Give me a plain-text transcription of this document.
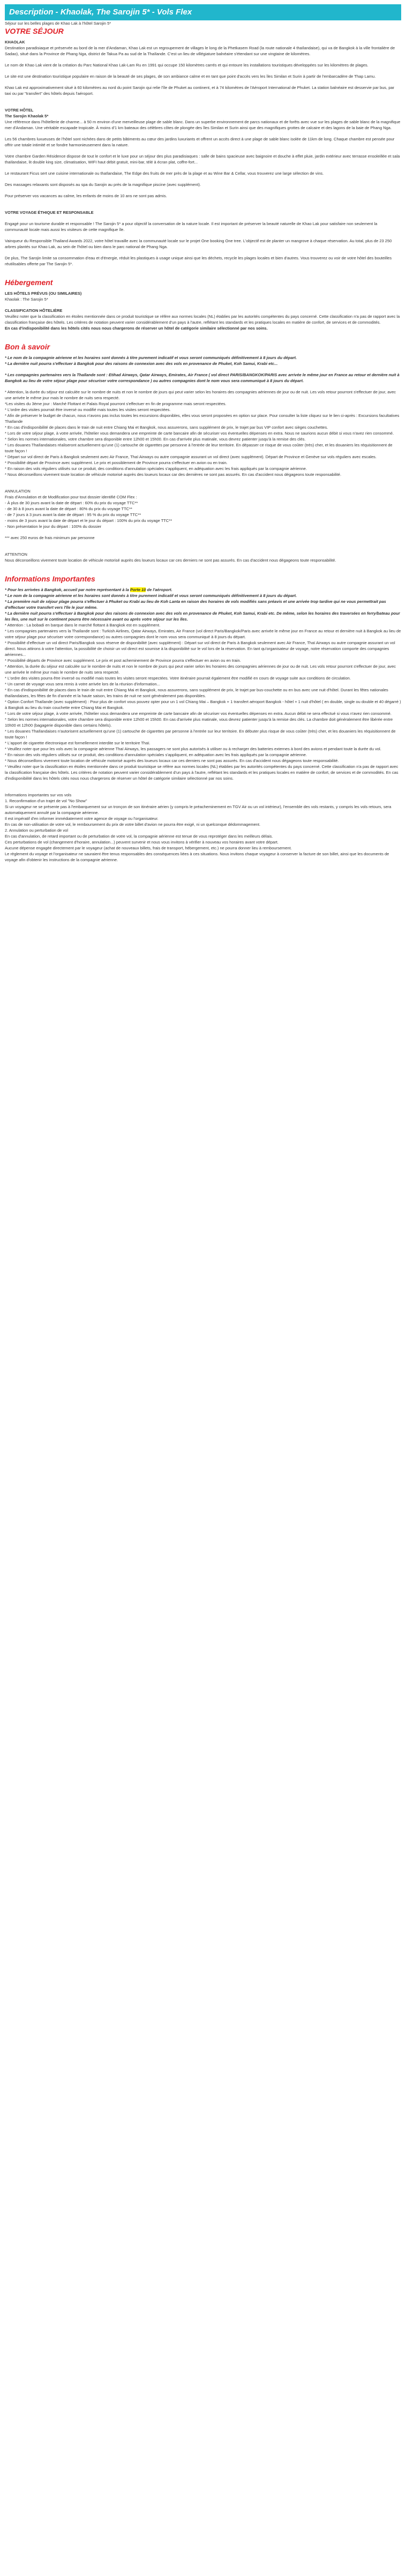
Description - Khaolak, The Sarojin 5* - Vols Flex
Séjour sur les belles plages de Khao Lak à l'hôtel Sarojin 5*
VOTRE SÉJOUR
KHAOLAK
Destination paradisiaque et préservée au bord de la mer d'Andaman, Khao Lak est un regroupement de villages le long de la Phetkasem Road (la route nationale 4 thaïlandaise), qui va de Bangkok à la ville frontalière de Sadao), situé dans la Province de Phang Nga, district de Takua Pa au sud de la Thaïlande. C'est un lieu de villégiature balnéaire s'étendant sur une vingtaine de kilomètres.
Le nom de Khao Lak vient de la création du Parc National Khao Lak-Lam Ru en 1991 qui occupe 150 kilomètres carrés et qui entoure les installations touristiques développées sur les kilomètres de plages.
Le site est une destination touristique populaire en raison de la beauté de ses plages, de son ambiance calme et en tant que point d'accès vers les îles Similan et Surin à partir de l'embarcadère de Thap Lamu.
Khao Lak est approximativement situé à 60 kilomètres au nord du point Sarojin qui relie l'île de Phuket au continent, et à 74 kilomètres de l'Aéroport International de Phuket. La station balnéaire est desservie par bus, par taxi ou par "transfert" des hôtels depuis l'aéroport.
VOTRE HÔTEL
The Sarojin Khaolak 5*
Une référence dans l'hôtellerie de charme... à 50 m environ d'une merveilleuse plage de sable blanc. Dans un superbe environnement de parcs nationaux et de forêts avec vue sur les plages de sable blanc de la magnifique mer d'Andaman. Une véritable escapade tropicale. À moins d'1 km bateaux des célèbres côtes de plongée des îles Similan et Surin ainsi que des magnifiques grottes de calcaire et des lagons de la baie de Phang Nga.
Les 56 chambres luxueuses de l'hôtel sont nichées dans de petits bâtiments au cœur des jardins luxuriants et offrent un accès direct à une plage de sable blanc isolée de 11km de long. Chaque chambre est pensée pour offrir une totale intimité et se fondre harmonieusement dans la nature.
Votre chambre Garden Résidence dispose de tout le confort et le luxe pour un séjour des plus paradisiaques : salle de bains spacieuse avec baignoire et douche à effet pluie, jardin extérieur avec terrasse ensoleillée et sala thaïlandaise, lit double king size, climatisation, WIFI haut débit gratuit, mini-bar, télé à écran plat, coffre-fort...
Le restaurant Ficus sert une cuisine internationale ou thaïlandaise, The Edge des fruits de mer près de la plage et au Wine Bar & Cellar, vous trouverez une large sélection de vins.
Des massages relaxants sont disposés au spa du Sarojin au près de la magnifique piscine (avec supplément).
Pour préserver vos vacances au calme, les enfants de moins de 10 ans ne sont pas admis.
VOTRE VOYAGE ÉTHIQUE ET RESPONSABLE
Engagé pour un tourisme durable et responsable ! The Sarojin 5* a pour objectif la conversation de la nature locale. Il est important de préserver la beauté naturelle de Khao Lak pour satisfaire non seulement la communauté locale mais aussi les visiteurs de cette magnifique île.
Vainqueur du Responsible Thailand Awards 2022, votre hôtel travaille avec la communauté locale sur le projet One booking One tree. L'objectif est de planter un mangrove à chaque réservation. Au total, plus de 23 250 arbres plantés sur Khao Lak, au sein de l'hôtel ou bien dans le parc national de Phang Nga.
De plus, The Sarojin limite sa consommation d'eau et d'énergie, réduit les plastiques à usage unique ainsi que les déchets, recycle les plages locales et bien d'autres. Vous trouverez ou voir de votre hôtel des bouteilles réutilisables offerte par The Sarojin 5*.
Hébergement
LES HÔTELS PRÉVUS (OU SIMILAIRES)
Khaolak : The Sarojin 5*
CLASSIFICATION HÔTELIÈRE
Veuillez noter que la classification en étoiles mentionnée dans ce produit touristique se réfère aux normes locales (NL) établies par les autorités compétentes du pays concerné. Cette classification n'a pas de rapport avec la classification française des hôtels. Les critères de notation peuvent varier considérablement d'un pays à l'autre, reflétant les standards et les pratiques locales en matière de confort, de services et de commodités.
En cas d'indisponibilité dans les hôtels cités nous nous chargerons de réserver un hôtel de catégorie similaire sélectionné par nos soins.
Bon à savoir
* Le nom de la compagnie aérienne et les horaires sont donnés à titre purement indicatif et vous seront communiqués définitivement à 8 jours du départ.
* La dernière nuit pourra s'effectuer à Bangkok pour des raisons de connexion avec des vols en provenance de Phuket, Koh Samui, Krabi etc...
* Les compagnies partenaires vers la Thaïlande sont : Etihad Airways, Qatar Airways, Emirates, Air France ( vol direct PARIS/BANGKOK/PARIS avec arrivée le même jour en France au retour et dernière nuit à Bangkok au lieu de votre séjour plage pour sécuriser votre correspondance ) ou autres compagnies dont le nom vous sera communiqué à 8 jours du départ.
* Attention, la durée du séjour est calculée sur le nombre de nuits et non le nombre de jours qui peut varier selon les horaires des compagnies aériennes de jour ou de nuit. Les vols retour pourront s'effectuer de jour, avec une arrivée le même jour mais le nombre de nuits sera respecté.
*Les visites du 3ème jour : Marché Flottant et Palais Royal pourront s'effectuer en fin de programme mais seront respectées.
* L'ordre des visites pourrait être inversé ou modifié mais toutes les visites seront respectées.
* Afin de préserver le budget de chacun, nous n'avons pas inclus toutes les excursions disponibles, elles vous seront proposées en option sur place. Pour consulter la liste cliquez sur le lien ci-après : Excursions facultatives Thaïlande
* En cas d'indisponibilité de places dans le train de nuit entre Chiang Mai et Bangkok, nous assurerons, sans supplément de prix, le trajet par bus VIP confort avec sièges couchettes.
* Lors de votre séjour plage, à votre arrivée, l'hôtelier vous demandera une empreinte de carte bancaire afin de sécuriser vos éventuelles dépenses en extra. Nous ne saurions aucun débit si vous n'avez rien consommé.
* Selon les normes internationales, votre chambre sera disponible entre 12h00 et 15h00. En cas d'arrivée plus matinale, vous devrez patienter jusqu'à la remise des clés.
* Les douanes Thaïlandaises réaliseront actuellement qu'une (1) cartouche de cigarettes par personne à l'entrée de leur territoire. En dépasser ce risque de vous coûter (très) cher, et les douaniers les réquisitionnent de toute façon !
* Départ sur vol direct de Paris à Bangkok seulement avec Air France, Thaï Airways ou autre compagnie assurant un vol direct (avec supplément). Départ de Province et Genève sur vols réguliers avec escales.
* Possibilité départ de Province avec supplément. Le prix et possiblement de Province pourra s'effectuer en avion ou en train.
* En raison des vols réguliers utilisés sur ce produit, des conditions d'annulation spéciales s'appliquent, en adéquation avec les frais appliqués par la compagnie aérienne.
* Nous déconseillons vivement toute location de véhicule motorisé auprès des loueurs locaux car des dernières ne sont pas assurés. En cas d'accident nous dégageons toute responsabilité.
ANNULATION
Frais d'Annulation et de Modification pour tout dossier identifié COM Flex :
- À plus de 30 jours avant la date de départ : 60% du prix du voyage TTC**
- de 30 à 8 jours avant la date de départ : 80% du prix du voyage TTC**
- de 7 jours à 3 jours avant la date de départ : 95 % du prix du voyage TTC**
- moins de 3 jours avant la date de départ et le jour du départ : 100% du prix du voyage TTC**
- Non présentation le jour du départ : 100% du dossier
*** avec 250 euros de frais minimum par personne
ATTENTION
Nous déconseillons vivement toute location de véhicule motorisé auprès des loueurs locaux car ces derniers ne sont pas assurés. En cas d'accident nous dégageons toute responsabilité.
Informations Importantes
* Pour les arrivées à Bangkok, accueil par notre représentant à la Porte 10 de l'aéroport.
* Le nom de la compagnie aérienne et les horaires sont donnés à titre purement indicatif et vous seront communiqués définitivement à 8 jours du départ.
* La première nuit de séjour plage pourra s'effectuer à Phuket ou Krabi au lieu de Koh Lanta en raison des horaires de vols modifiés sans préavis et une arrivée trop tardive qui ne vous permettrait pas d'effectuer votre transfert vers l'île le jour même.
* La dernière nuit pourra s'effectuer à Bangkok pour des raisons de connexion avec des vols en provenance de Phuket, Koh Samui, Krabi etc. De même, selon les horaires des traversées en ferry/bateau pour les îles, une nuit sur le continent pourra être nécessaire avant ou après votre séjour sur les îles.
* Attention : La bobadi en barque dans le marché flottant à Bangkok est en supplément.
* Les compagnies partenaires vers la Thaïlande sont : Turkish Airlines, Qatar Airways, Emirates, Air France (vol direct Paris/Bangkok/Paris avec arrivée le même jour en France au retour et dernière nuit à Bangkok au lieu de votre séjour plage pour sécuriser votre correspondance) ou autres compagnies dont le nom vous sera communiqué à 8 jours du départ.
* Possibilité d'effectuer un vol direct Paris/Bangkok sous réserve de disponibilité (avec supplément) : Départ sur vol direct de Paris à Bangkok seulement avec Air France, Thaï Airways ou autre compagnie assurant un vol direct. Nous attirons à votre l'attention, la possibilité de choisir un vol direct est soumise à la disponibilité sur le vol lors de la réservation. En tant qu'organisateur de voyage, notre réservation comporte des compagnies aériennes...
* Possibilité départs de Province avec supplément. Le prix et post acheminement de Province pourra s'effectuer en avion ou en train.
* Attention, la durée du séjour est calculée sur le nombre de nuits et non le nombre de jours qui peut varier selon les horaires des compagnies aériennes de jour ou de nuit. Les vols retour pourront s'effectuer de jour, avec une arrivée le même jour mais le nombre de nuits sera respecté.
* L'ordre des visites pourra être inversé ou modifié mais toutes les visites seront respectées. Votre itinéraire pourrait également être modifié en cours de voyage suite aux conditions de circulation.
* Un carnet de voyage vous sera remis à votre arrivée lors de la réunion d'information...
* En cas d'indisponibilité de places dans le train de nuit entre Chiang Mai et Bangkok, nous assurerons, sans supplément de prix, le trajet par bus-couchette ou en bus avec une nuit d'hôtel. Durant les fêtes nationales thaïlandaises, les fêtes de fin d'année et la haute saison, les trains de nuit ne sont généralement pas disponibles.
* Option Confort Thaïlande (avec supplément) : Pour plus de confort vous pouvez opter pour un 1 vol Chiang Mai – Bangkok + 1 transfert aéroport Bangkok - hôtel + 1 nuit d'hôtel ( en double, single ou double et 40 dégarré ) à Bangkok au lieu du train couchette entre Chiang Mai et Bangkok.
* Lors de votre séjour plage, à votre arrivée, l'hôtelier vous demandera une empreinte de carte bancaire afin de sécuriser vos éventuelles dépenses en extra. Aucun débit ne sera effectué si vous n'avez rien consommé.
* Selon les normes internationales, votre chambre sera disponible entre 12h00 et 15h00. En cas d'arrivée plus matinale, vous devrez patienter jusqu'à la remise des clés. La chambre doit généralement être libérée entre 10h00 et 12h00 (bagagerie disponible dans certains hôtels).
* Les douanes Thaïlandaises n'autorisent actuellement qu'une (1) cartouche de cigarettes par personne à l'entrée sur leur territoire. En débuter plus risque de vous coûter (très) cher, et les douaniers les réquisitionnent de toute façon !
* L'apport de cigarette électronique est formellement interdite sur le territoire Thaï.
* Veuillez noter que pour les vols avec la compagnie aérienne Thaï Airways, les passagers ne sont plus autorisés à utiliser ou à recharger des batteries externes à bord des avions et pendant toute la durée du vol.
* En raison des vols réguliers utilisés sur ce produit, des conditions d'annulation spéciales s'appliquent, en adéquation avec les frais appliqués par la compagnie aérienne.
* Nous déconseillons vivement toute location de véhicule motorisé auprès des loueurs locaux car ces derniers ne sont pas assurés. En cas d'accident nous dégageons toute responsabilité.
* Veuillez noter que la classification en étoiles mentionnée dans ce produit touristique se réfère aux normes locales (NL) établies par les autorités compétentes du pays concerné. Cette classification n'a pas de rapport avec la classification française des hôtels. Les critères de notation peuvent varier considérablement d'un pays à l'autre, reflétant les standards et les pratiques locales en matière de confort, de services et de commodités. En cas d'indisponibilité dans les hôtels cités nous nous chargerons de réserver un hôtel de catégorie similaire sélectionné par nos soins.
Informations importantes sur vos vols
1. Reconfirmation d'un trajet de vol "No Show"
Si un voyageur ne se présente pas à l'embarquement sur un tronçon de son itinéraire aérien (y compris le préacheminement en TGV Air ou un vol intérieur), l'ensemble des vols restants, y compris les vols retours, sera automatiquement annulé par la compagnie aérienne.
Il est impératif d'en informer immédiatement votre agence de voyage ou l'organisateur.
En cas de non-utilisation de votre vol, le remboursement du prix de votre billet d'avion ne pourra être exigé, ni un quelconque dédommagement.
2. Annulation ou perturbation de vol
En cas d'annulation, de retard important ou de perturbation de votre vol, la compagnie aérienne est tenue de vous reprotéger dans les meilleurs délais.
Ces perturbations de vol (changement d'horaire, annulation...) peuvent survenir et nous vous invitons à vérifier à nouveau vos horaires avant votre départ.
Aucune dépense engagée directement par le voyageur (achat de nouveaux billets, frais de transport, hébergement, etc.) ne pourra donner lieu à remboursement.
Le règlement du voyage et l'organisateur ne sauraient être tenus responsables des conséquences liées à ces situations. Nous invitons chaque voyageur à conserver la facture de son billet, ainsi que les documents de voyage afin d'obtenir les instructions de la compagnie aérienne.
